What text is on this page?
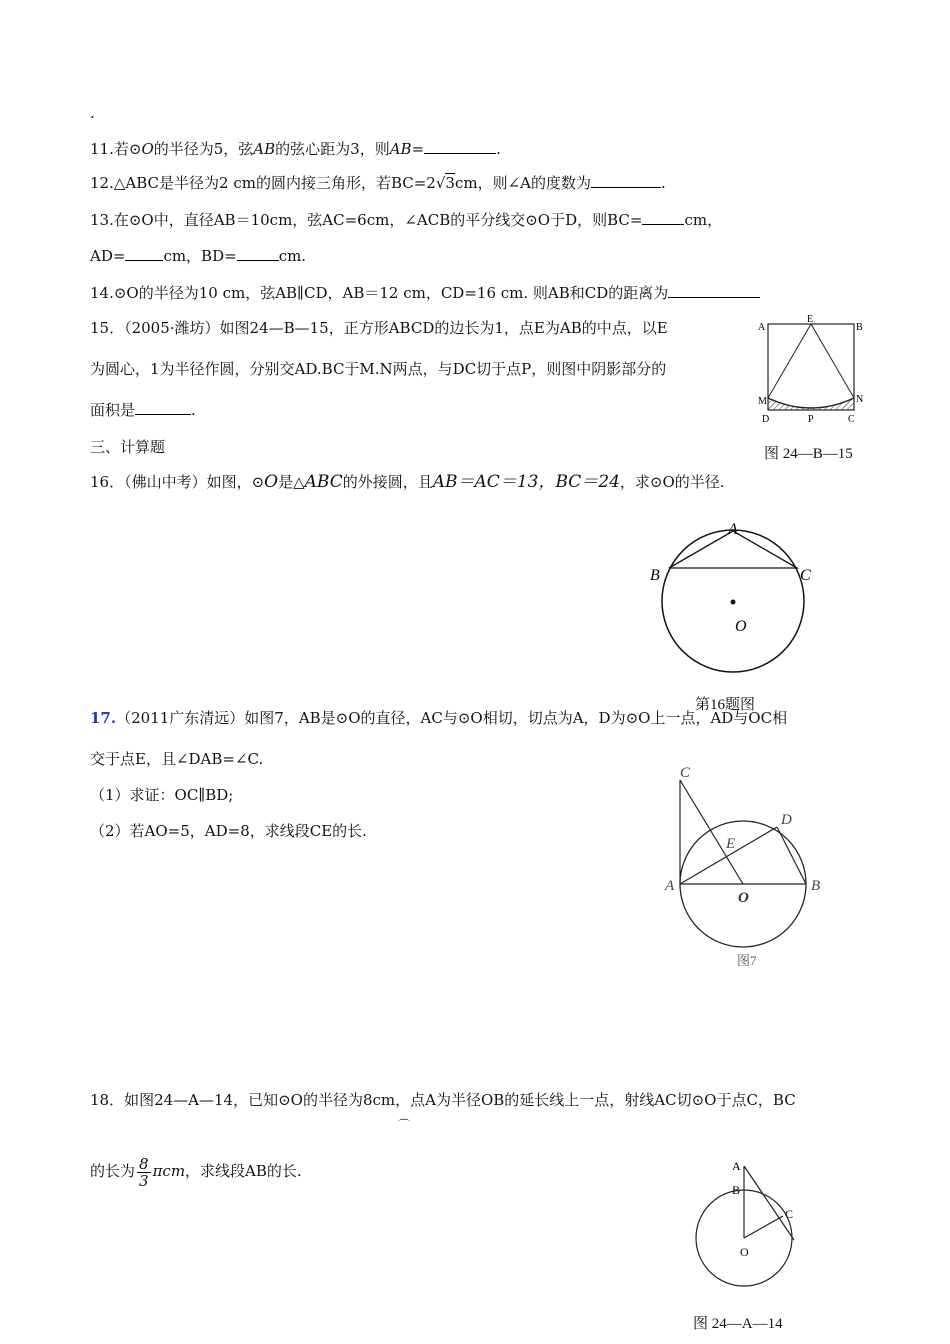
.
11.若⊙O的半径为5，弦AB的弦心距为3，则AB=	.
12.△ABC是半径为2 cm的圆内接三角形，若BC=2√3cm，则∠A的度数为	.
13.在⊙O中，直径AB＝10cm，弦AC=6cm，∠ACB的平分线交⊙O于D，则BC=	cm，
AD=	cm，BD=	cm.
14.⊙O的半径为10 cm，弦AB∥CD，AB＝12 cm，CD=16 cm. 则AB和CD的距离为
15．（2005·潍坊）如图24—B—15，正方形ABCD的边长为1，点E为AB的中点，以E
为圆心，1为半径作圆，分别交AD.BC于M.N两点，与DC切于点P，则图中阴影部分的
面积是	.
A
E
B
M	N
D	P	C
图 24—B—15
三、计算题
16．（佛山中考）如图，⊙O是△ABC的外接圆，且AB＝AC＝13，BC＝24，求⊙O的半径.
A
B	C
O
第16题图
17.（2011广东清远）如图7，AB是⊙O的直径，AC与⊙O相切，切点为A，D为⊙O上一点，AD与OC相
交于点E，且∠DAB=∠C.
（1）求证：OC∥BD;
（2）若AO=5，AD=8，求线段CE的长.
C
D
E
A
O
B
图7
18．如图24—A—14，已知⊙O的半径为8cm，点A为半径OB的延长线上一点，射线AC切⊙O于点C，BC
⌒
的长为 $\frac{8}{3}$ πcm，求线段AB的长.	A
B
C
O
图 24—A—14
